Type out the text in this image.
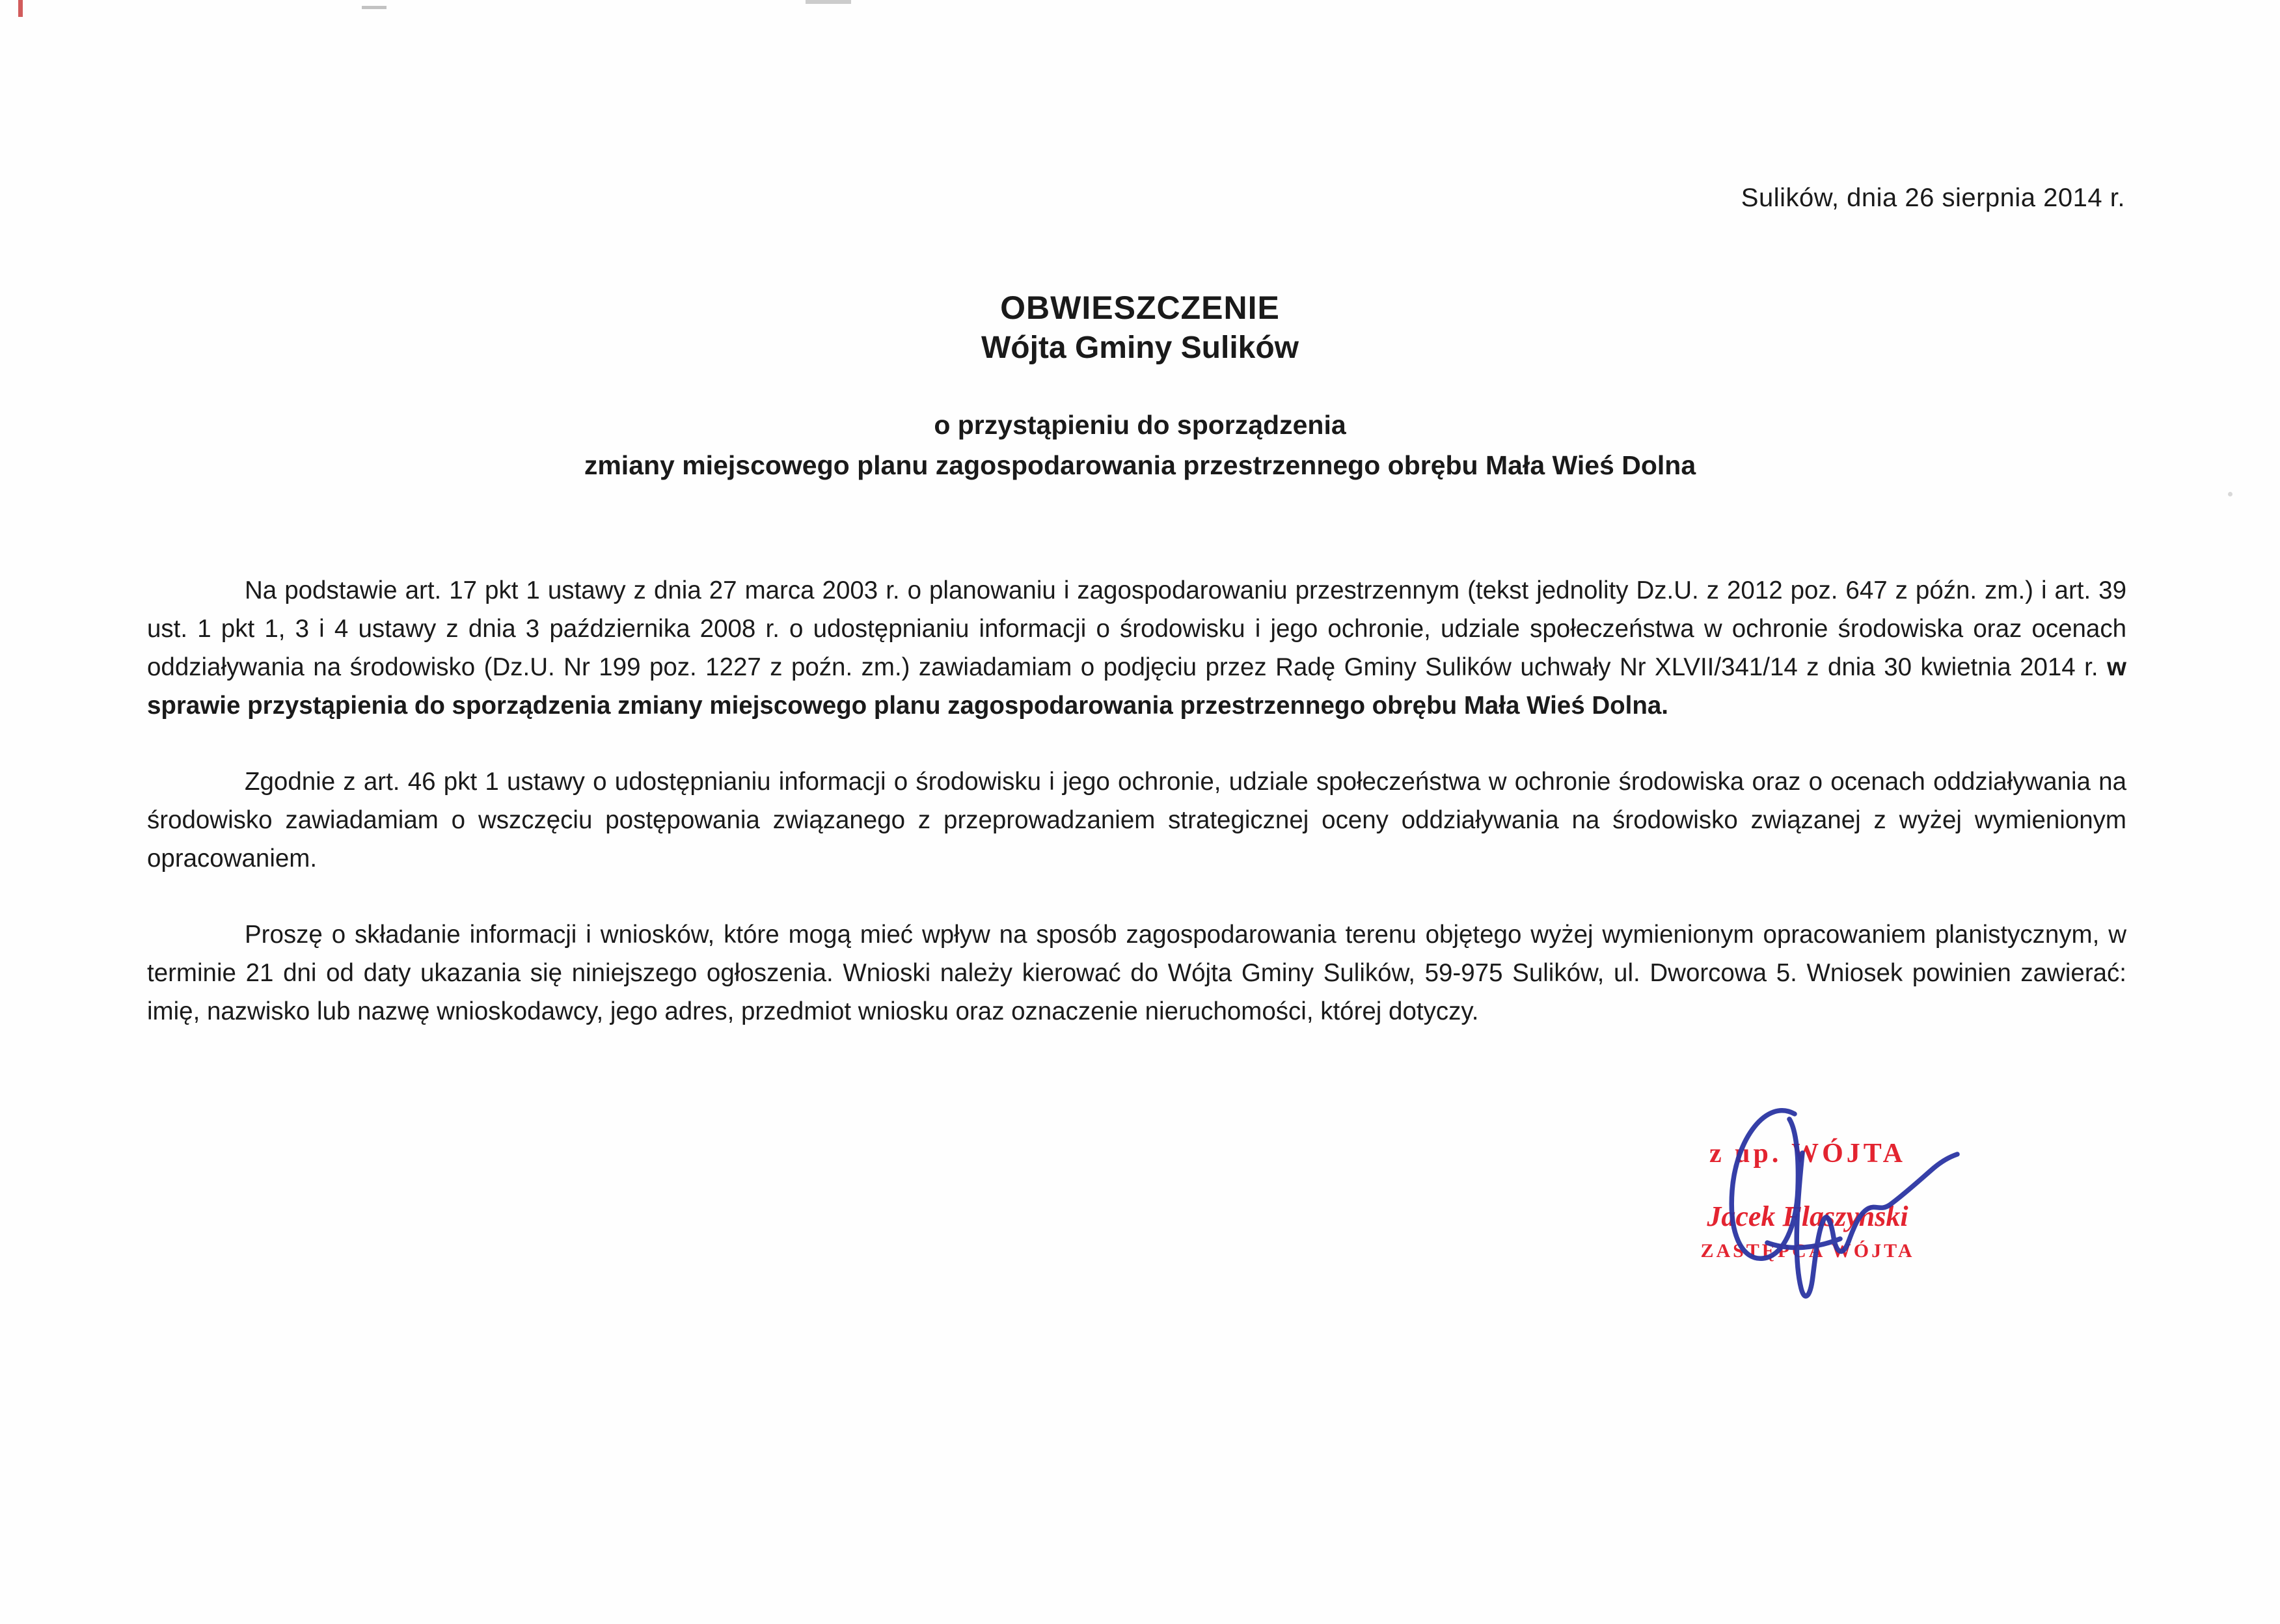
Sulików, dnia 26 sierpnia 2014 r.
OBWIESZCZENIE
Wójta Gminy Sulików
o przystąpieniu do sporządzenia
zmiany miejscowego planu zagospodarowania przestrzennego obrębu Mała Wieś Dolna

Na podstawie art. 17 pkt 1 ustawy z dnia 27 marca 2003 r. o planowaniu i zagospodarowaniu przestrzennym (tekst jednolity Dz.U. z 2012 poz. 647 z późn. zm.) i art. 39 ust. 1 pkt 1, 3 i 4 ustawy z dnia 3 października 2008 r. o udostępnianiu informacji o środowisku i jego ochronie, udziale społeczeństwa w ochronie środowiska oraz ocenach oddziaływania na środowisko (Dz.U. Nr 199 poz. 1227 z poźn. zm.) zawiadamiam o podjęciu przez Radę Gminy Sulików uchwały Nr XLVII/341/14 z dnia 30 kwietnia 2014 r. w sprawie przystąpienia do sporządzenia zmiany miejscowego planu zagospodarowania przestrzennego obrębu Mała Wieś Dolna.

Zgodnie z art. 46 pkt 1 ustawy o udostępnianiu informacji o środowisku i jego ochronie, udziale społeczeństwa w ochronie środowiska oraz o ocenach oddziaływania na środowisko zawiadamiam o wszczęciu postępowania związanego z przeprowadzaniem strategicznej oceny oddziaływania na środowisko związanej z wyżej wymienionym opracowaniem.

Proszę o składanie informacji i wniosków, które mogą mieć wpływ na sposób zagospodarowania terenu objętego wyżej wymienionym opracowaniem planistycznym, w terminie 21 dni od daty ukazania się niniejszego ogłoszenia. Wnioski należy kierować do Wójta Gminy Sulików, 59-975 Sulików, ul. Dworcowa 5. Wniosek powinien zawierać: imię, nazwisko lub nazwę wnioskodawcy, jego adres, przedmiot wniosku oraz oznaczenie nieruchomości, której dotyczy.

z up. WÓJTA
Jacek Flaszyński
ZASTĘPCA WÓJTA
